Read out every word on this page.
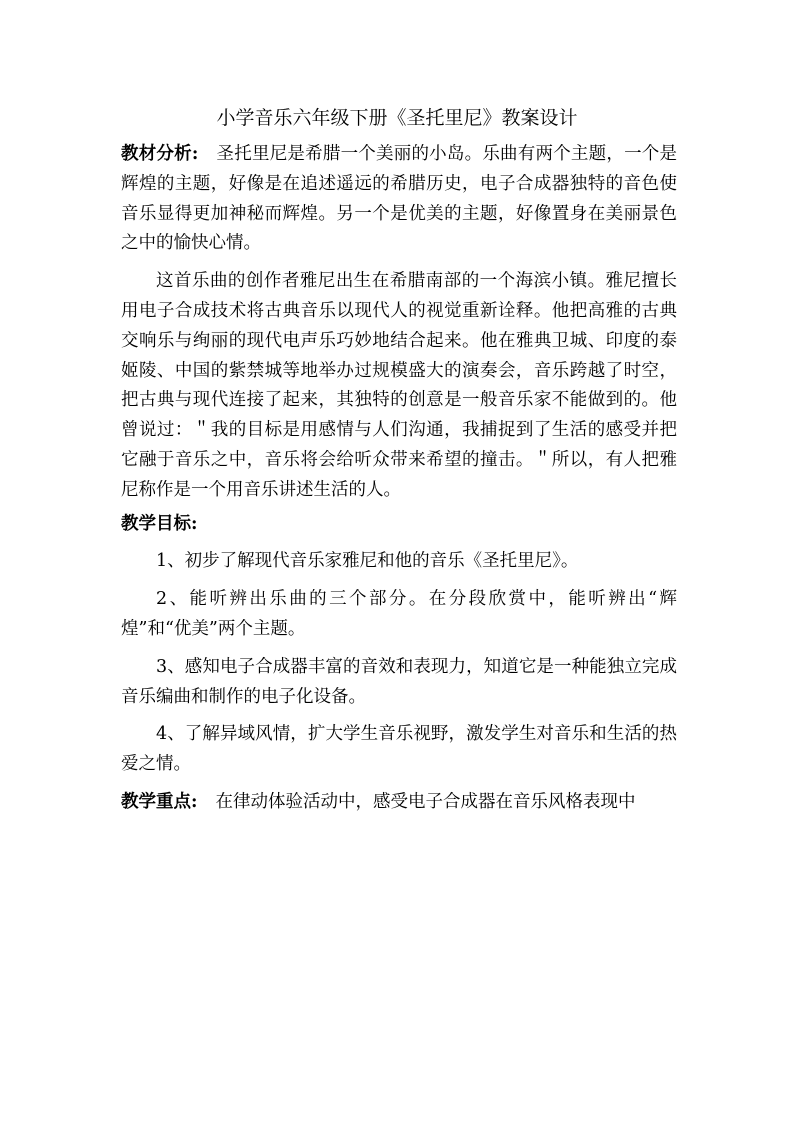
小学音乐六年级下册《圣托里尼》教案设计

教材分析: 圣托里尼是希腊一个美丽的小岛。乐曲有两个主题，一个是辉煌的主题，好像是在追述遥远的希腊历史，电子合成器独特的音色使音乐显得更加神秘而辉煌。另一个是优美的主题，好像置身在美丽景色之中的愉快心情。

这首乐曲的创作者雅尼出生在希腊南部的一个海滨小镇。雅尼擅长用电子合成技术将古典音乐以现代人的视觉重新诠释。他把高雅的古典交响乐与绚丽的现代电声乐巧妙地结合起来。他在雅典卫城、印度的泰姬陵、中国的紫禁城等地举办过规模盛大的演奏会，音乐跨越了时空，把古典与现代连接了起来，其独特的创意是一般音乐家不能做到的。他曾说过：＂我的目标是用感情与人们沟通，我捕捉到了生活的感受并把它融于音乐之中，音乐将会给听众带来希望的撞击。＂所以，有人把雅尼称作是一个用音乐讲述生活的人。

教学目标:

1、初步了解现代音乐家雅尼和他的音乐《圣托里尼》。

2、能听辨出乐曲的三个部分。在分段欣赏中，能听辨出“辉煌”和“优美”两个主题。

3、感知电子合成器丰富的音效和表现力，知道它是一种能独立完成音乐编曲和制作的电子化设备。

4、了解异域风情，扩大学生音乐视野，激发学生对音乐和生活的热爱之情。

教学重点: 在律动体验活动中，感受电子合成器在音乐风格表现中
